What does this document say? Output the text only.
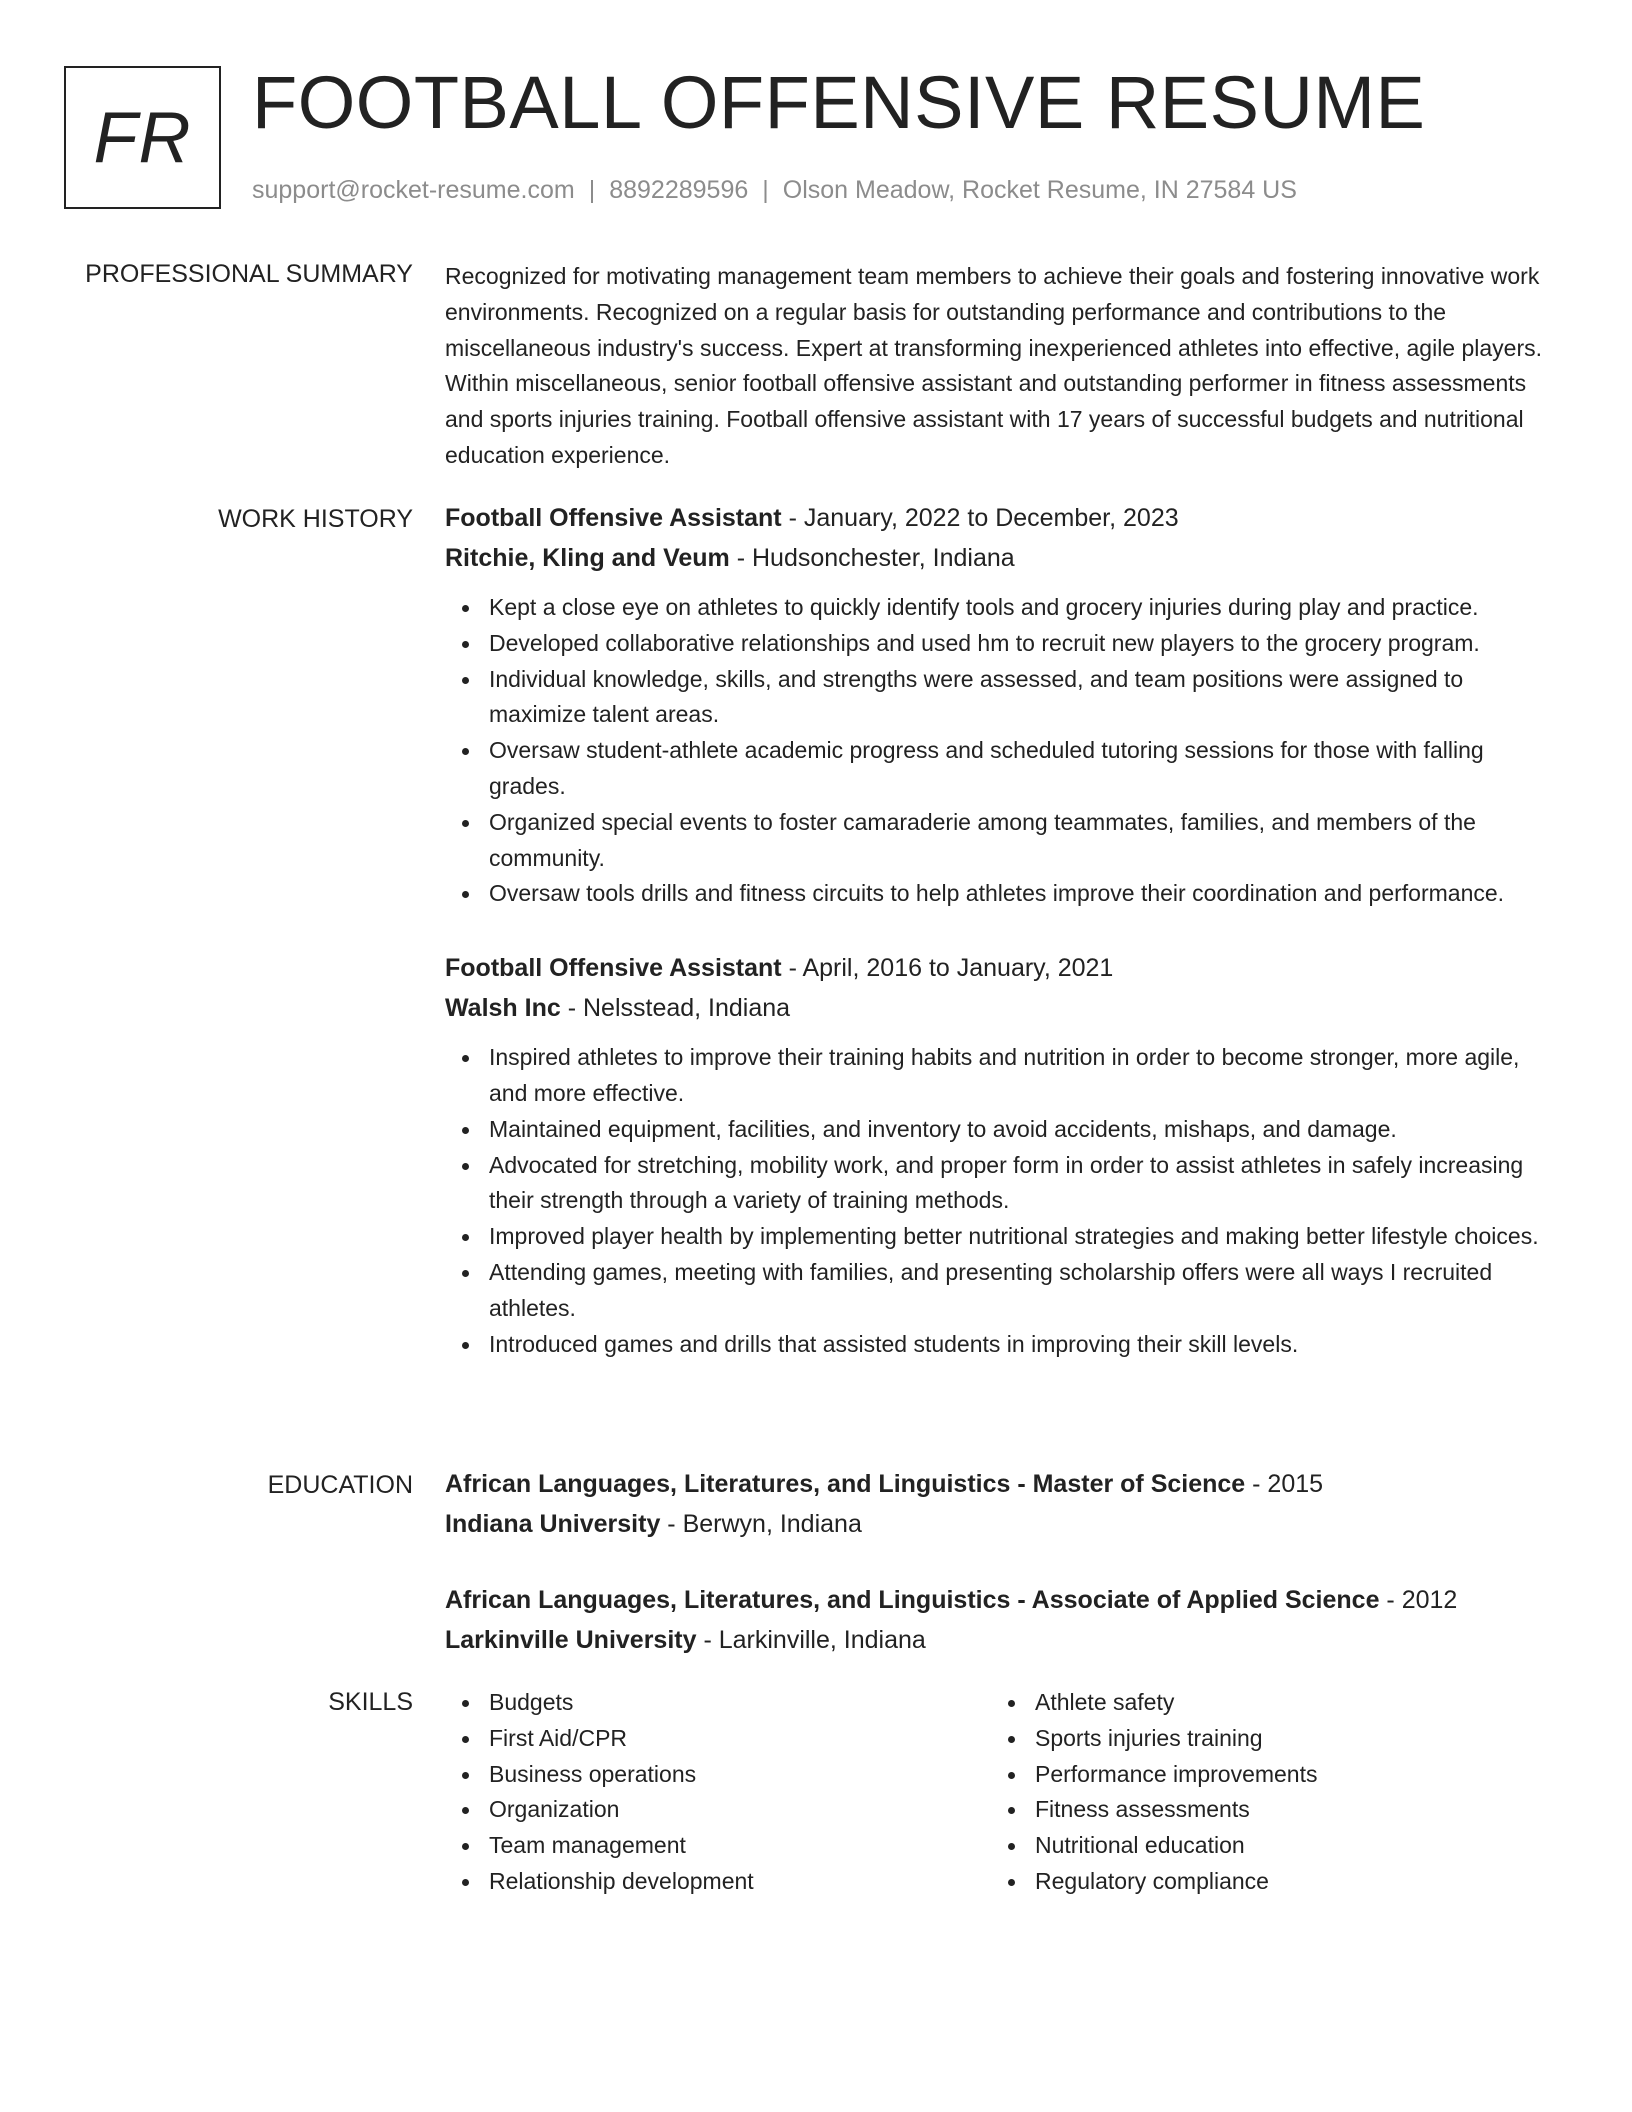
FR FOOTBALL OFFENSIVE RESUME
support@rocket-resume.com | 8892289596 | Olson Meadow, Rocket Resume, IN 27584 US
PROFESSIONAL SUMMARY Recognized for motivating management team members to achieve their goals and fostering innovative work environments. Recognized on a regular basis for outstanding performance and contributions to the miscellaneous industry's success. Expert at transforming inexperienced athletes into effective, agile players. Within miscellaneous, senior football offensive assistant and outstanding performer in fitness assessments and sports injuries training. Football offensive assistant with 17 years of successful budgets and nutritional education experience.

WORK HISTORY Football Offensive Assistant - January, 2022 to December, 2023
Ritchie, Kling and Veum - Hudsonchester, Indiana
Kept a close eye on athletes to quickly identify tools and grocery injuries during play and practice.
Developed collaborative relationships and used hm to recruit new players to the grocery program.
Individual knowledge, skills, and strengths were assessed, and team positions were assigned to maximize talent areas.
Oversaw student-athlete academic progress and scheduled tutoring sessions for those with falling grades.
Organized special events to foster camaraderie among teammates, families, and members of the community.
Oversaw tools drills and fitness circuits to help athletes improve their coordination and performance.
Football Offensive Assistant - April, 2016 to January, 2021
Walsh Inc - Nelsstead, Indiana
Inspired athletes to improve their training habits and nutrition in order to become stronger, more agile, and more effective.
Maintained equipment, facilities, and inventory to avoid accidents, mishaps, and damage.
Advocated for stretching, mobility work, and proper form in order to assist athletes in safely increasing their strength through a variety of training methods.
Improved player health by implementing better nutritional strategies and making better lifestyle choices.
Attending games, meeting with families, and presenting scholarship offers were all ways I recruited athletes.
Introduced games and drills that assisted students in improving their skill levels.
EDUCATION African Languages, Literatures, and Linguistics - Master of Science - 2015
Indiana University - Berwyn, Indiana
African Languages, Literatures, and Linguistics - Associate of Applied Science - 2012
Larkinville University - Larkinville, Indiana
SKILLS	Budgets
First Aid/CPR
Business operations
Organization
Team management
Relationship development
Athlete safety
Sports injuries training
Performance improvements
Fitness assessments
Nutritional education
Regulatory compliance
